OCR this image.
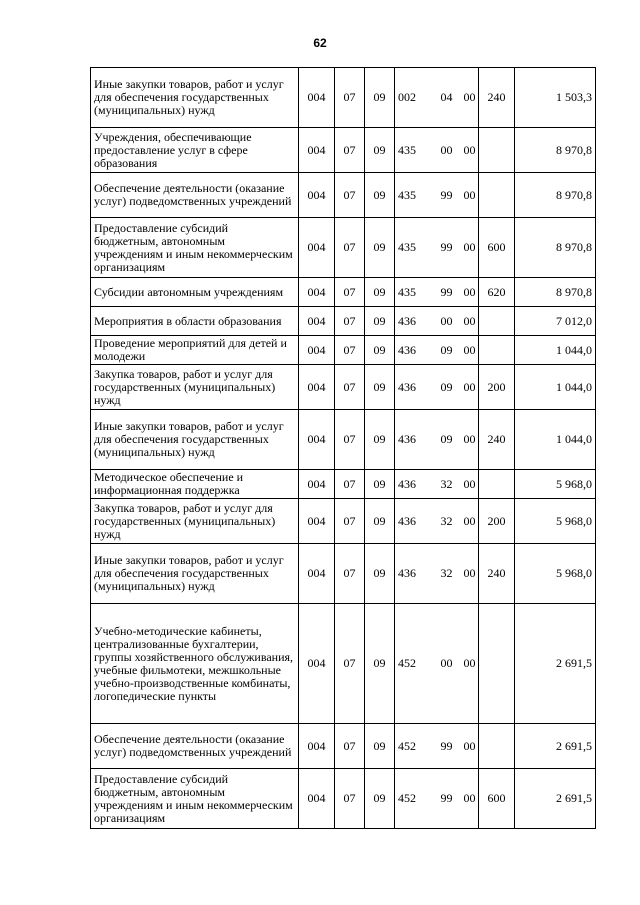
62
Иные закупки товаров, работ и услуг для обеспечения государственных (муниципальных) нужд	004	07	09	002	04	00	240	1 503,3
Учреждения, обеспечивающие предоставление услуг в сфере образования	004	07	09	435	00	00		8 970,8
Обеспечение деятельности (оказание услуг) подведомственных учреждений	004	07	09	435	99	00		8 970,8
Предоставление субсидий бюджетным, автономным учреждениям и иным некоммерческим организациям	004	07	09	435	99	00	600	8 970,8
Субсидии автономным учреждениям	004	07	09	435	99	00	620	8 970,8
Мероприятия в области образования	004	07	09	436	00	00		7 012,0
Проведение мероприятий для детей и молодежи	004	07	09	436	09	00		1 044,0
Закупка товаров, работ и услуг для государственных (муниципальных) нужд	004	07	09	436	09	00	200	1 044,0
Иные закупки товаров, работ и услуг для обеспечения государственных (муниципальных) нужд	004	07	09	436	09	00	240	1 044,0
Методическое обеспечение и информационная поддержка	004	07	09	436	32	00		5 968,0
Закупка товаров, работ и услуг для государственных (муниципальных) нужд	004	07	09	436	32	00	200	5 968,0
Иные закупки товаров, работ и услуг для обеспечения государственных (муниципальных) нужд	004	07	09	436	32	00	240	5 968,0
Учебно-методические кабинеты, централизованные бухгалтерии, группы хозяйственного обслуживания, учебные фильмотеки, межшкольные учебно-производственные комбинаты, логопедические пункты	004	07	09	452	00	00		2 691,5
Обеспечение деятельности (оказание услуг) подведомственных учреждений	004	07	09	452	99	00		2 691,5
Предоставление субсидий бюджетным, автономным учреждениям и иным некоммерческим организациям	004	07	09	452	99	00	600	2 691,5
